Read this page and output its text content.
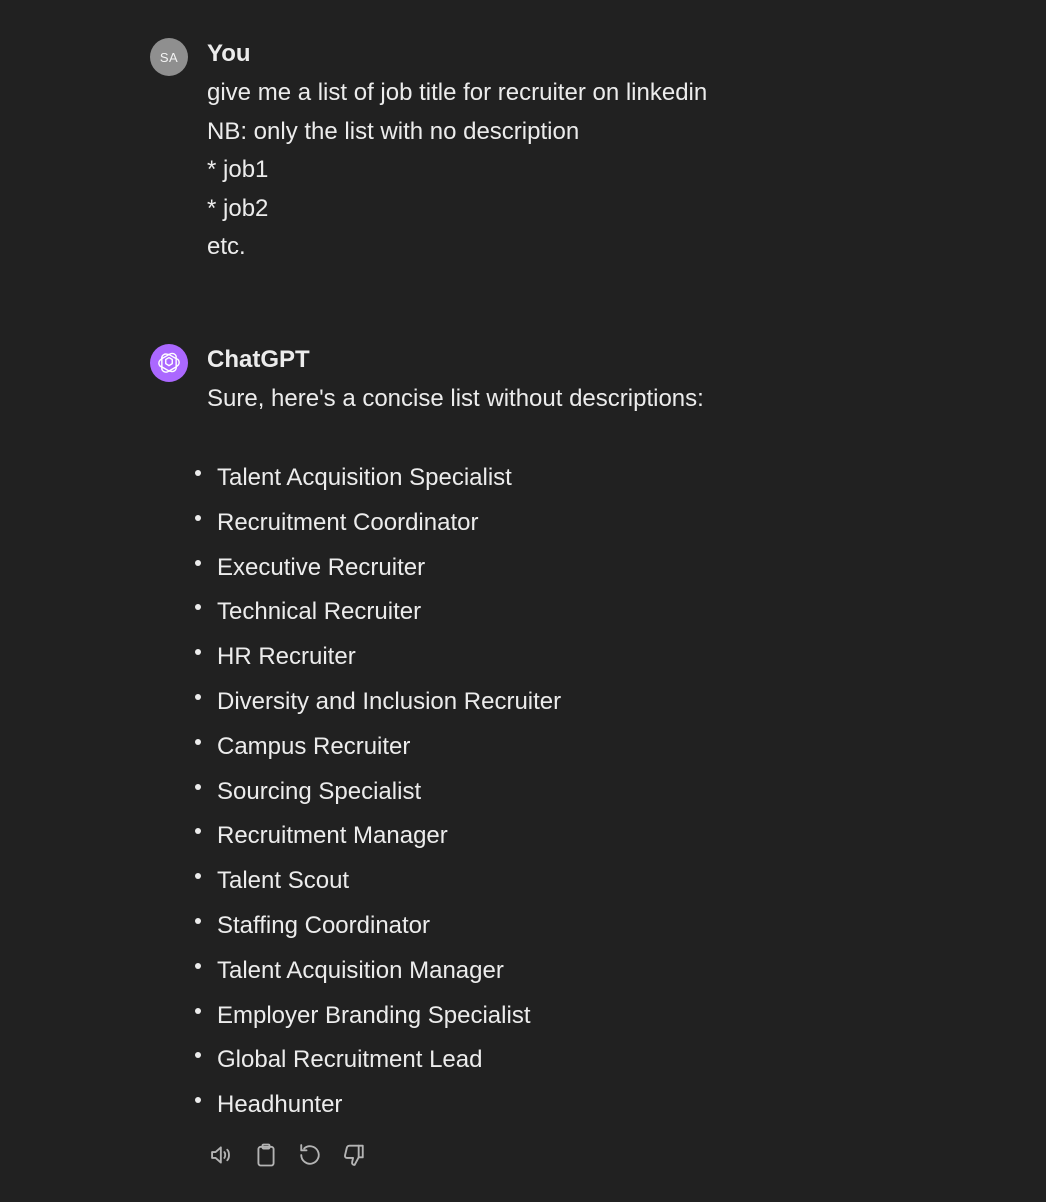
SA You
give me a list of job title for recruiter on linkedin
NB: only the list with no description
* job1
* job2
etc.
ChatGPT
Sure, here's a concise list without descriptions:
Talent Acquisition Specialist
Recruitment Coordinator
Executive Recruiter
Technical Recruiter
HR Recruiter
Diversity and Inclusion Recruiter
Campus Recruiter
Sourcing Specialist
Recruitment Manager
Talent Scout
Staffing Coordinator
Talent Acquisition Manager
Employer Branding Specialist
Global Recruitment Lead
Headhunter
